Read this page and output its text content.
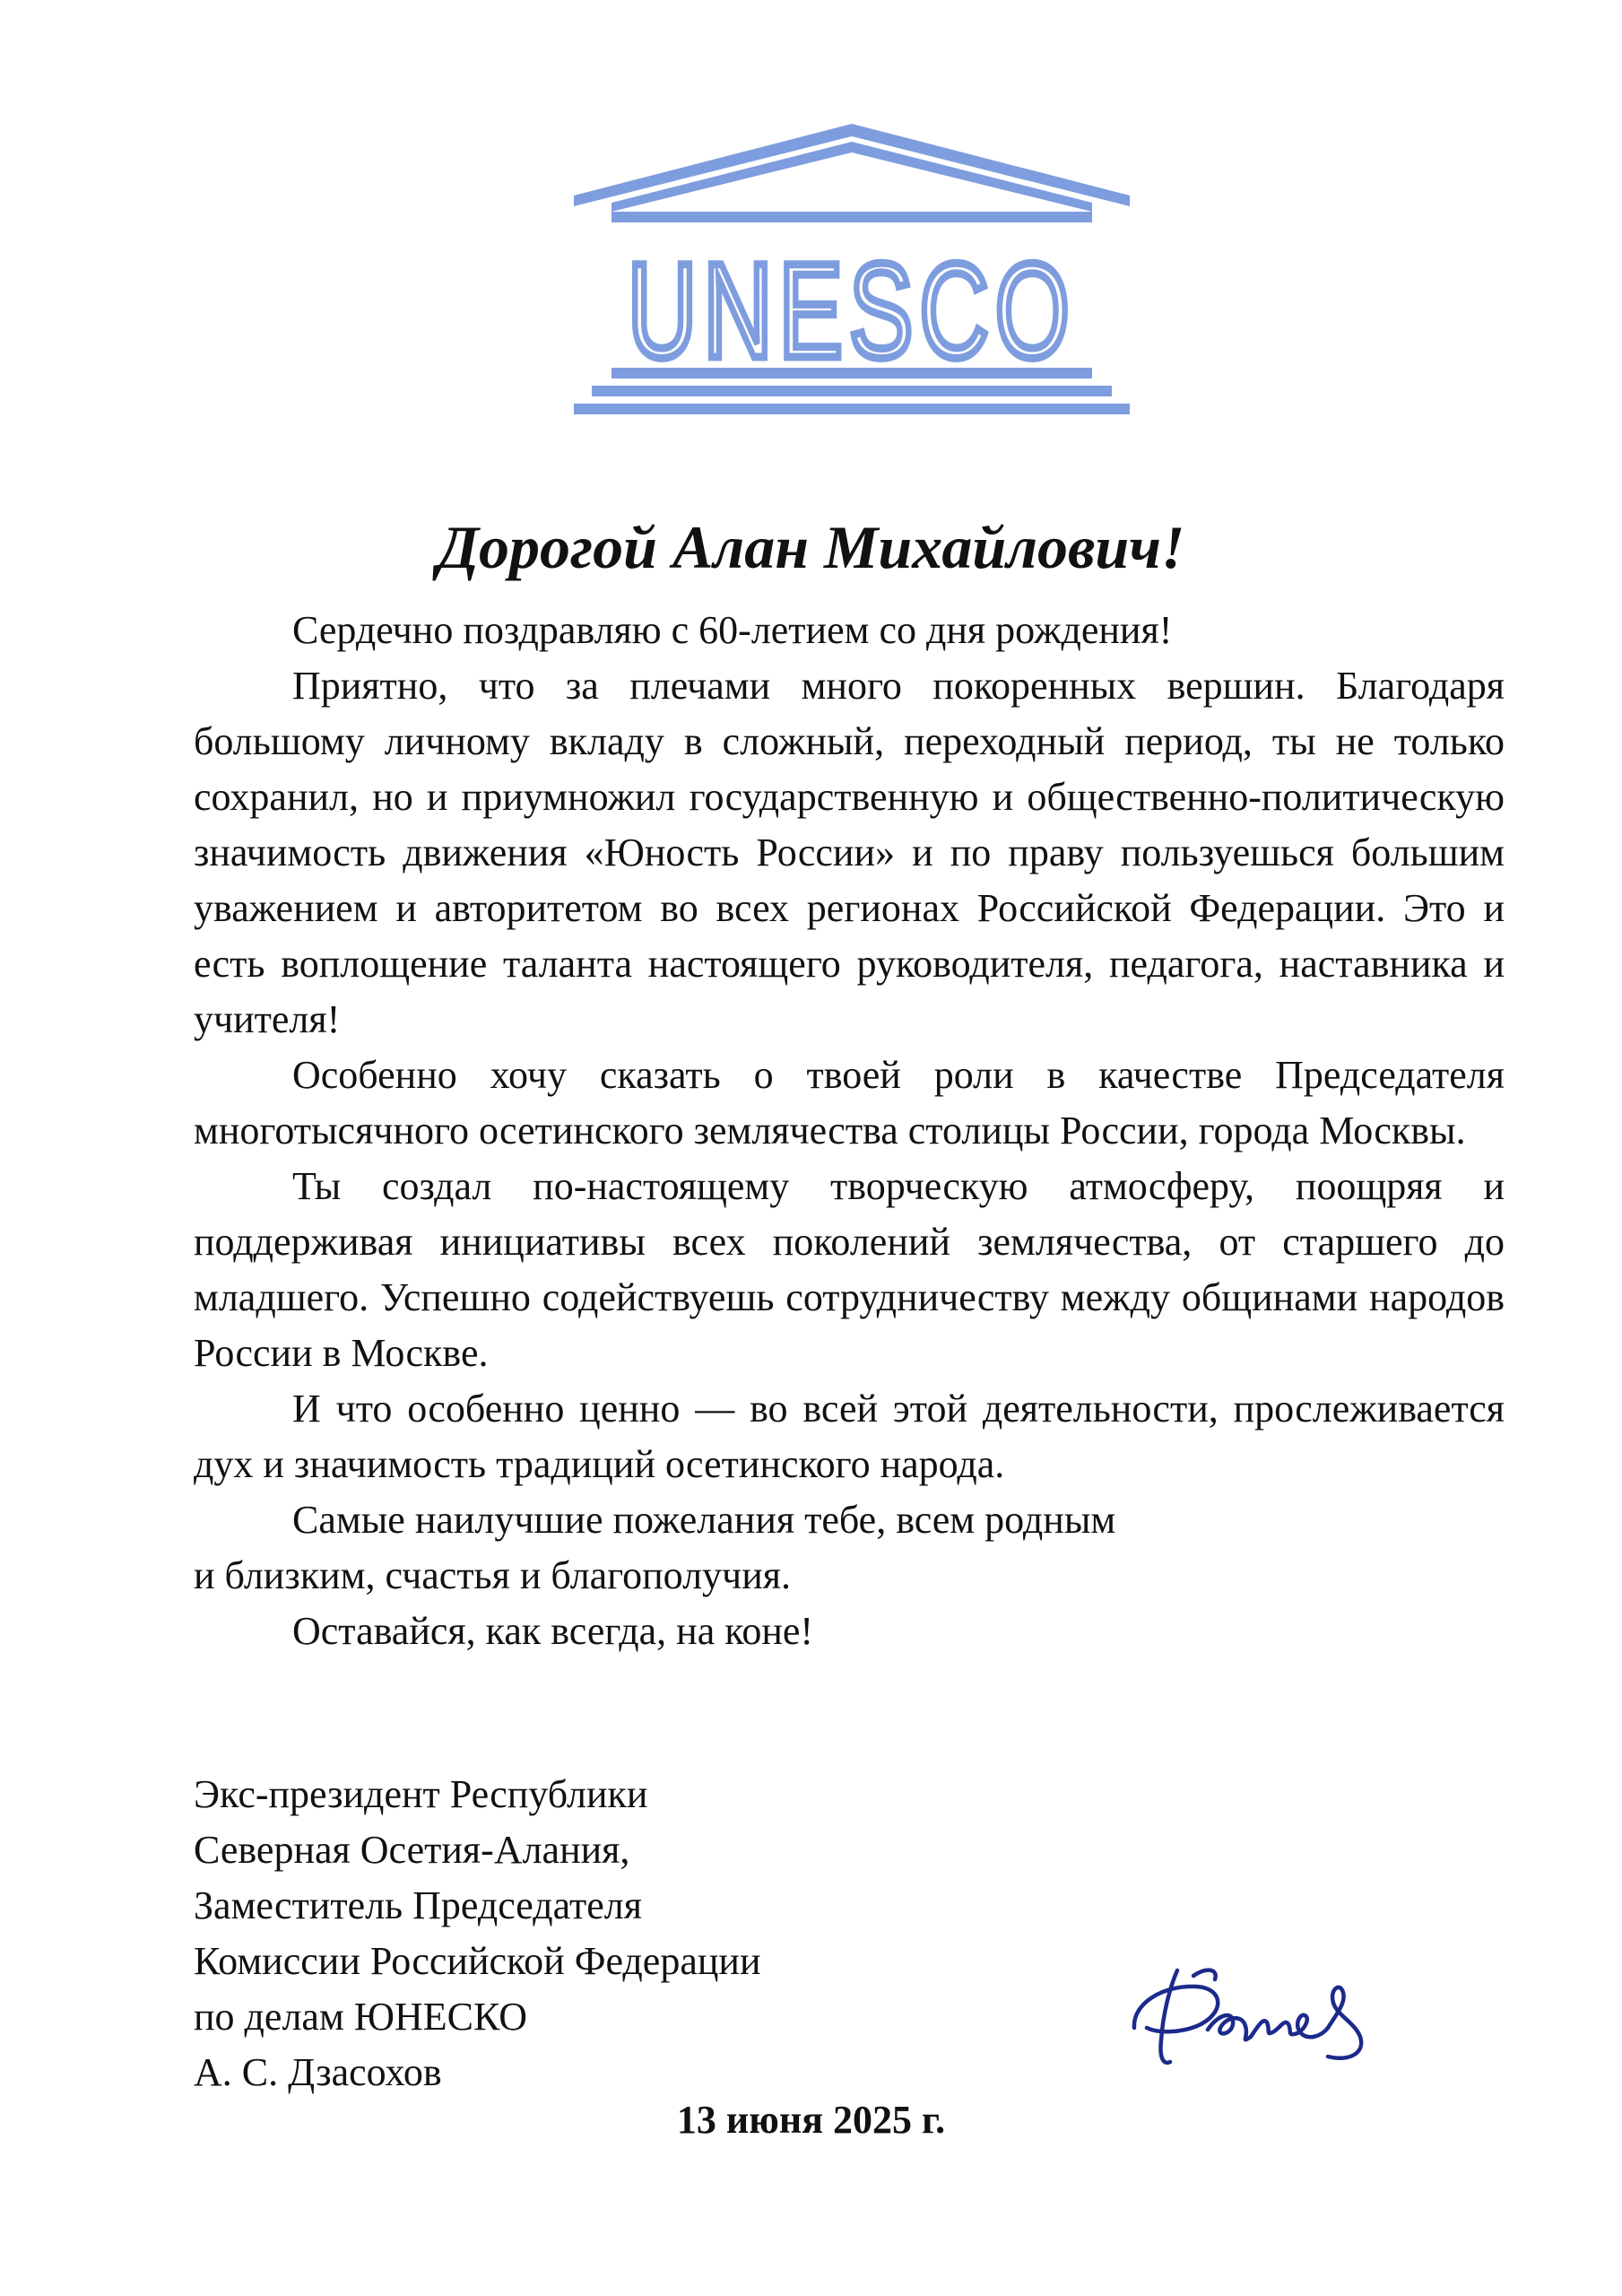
UNESCO
Дорогой Алан Михайлович!

Сердечно поздравляю с 60-летием со дня рождения!

Приятно, что за плечами много покоренных вершин. Благодаря большому личному вкладу в сложный, переходный период, ты не только сохранил, но и приумножил государственную и общественно-политическую значимость движения «Юность России» и по праву пользуешься большим уважением и авторитетом во всех регионах Российской Федерации. Это и есть воплощение таланта настоящего руководителя, педагога, наставника и учителя!

Особенно хочу сказать о твоей роли в качестве Председателя многотысячного осетинского землячества столицы России, города Москвы.

Ты создал по-настоящему творческую атмосферу, поощряя и поддерживая инициативы всех поколений землячества, от старшего до младшего. Успешно содействуешь сотрудничеству между общинами народов России в Москве.

И что особенно ценно — во всей этой деятельности, прослеживается дух и значимость традиций осетинского народа.

Самые наилучшие пожелания тебе, всем родным

и близким, счастья и благополучия.

Оставайся, как всегда, на коне!

Экс-президент Республики
Северная Осетия-Алания,
Заместитель Председателя
Комиссии Российской Федерации
по делам ЮНЕСКО
А. С. Дзасохов
13 июня 2025 г.
